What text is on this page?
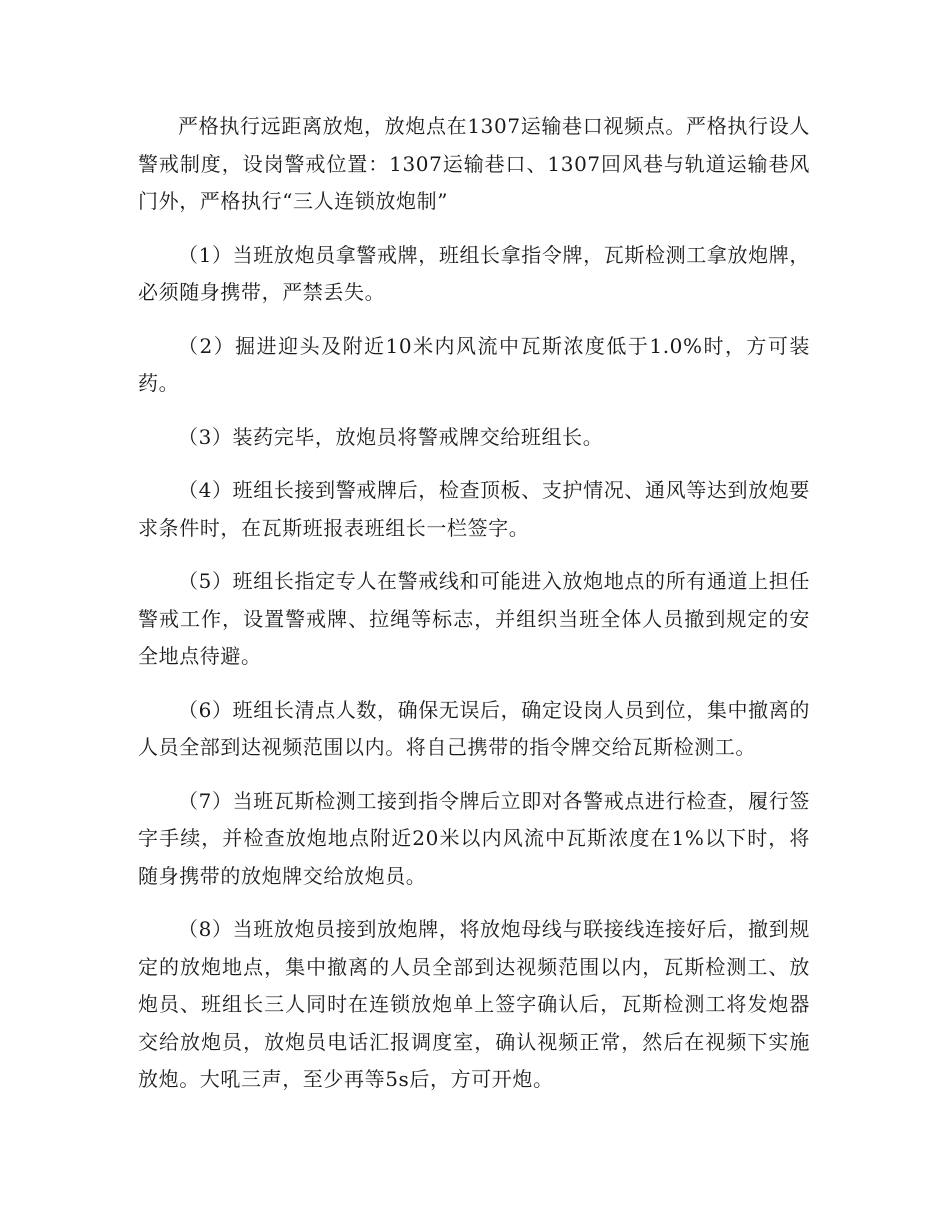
严格执行远距离放炮，放炮点在1307运输巷口视频点。严格执行设人警戒制度，设岗警戒位置：1307运输巷口、1307回风巷与轨道运输巷风门外，严格执行“三人连锁放炮制”

（1）当班放炮员拿警戒牌，班组长拿指令牌，瓦斯检测工拿放炮牌，必须随身携带，严禁丢失。

（2）掘进迎头及附近10米内风流中瓦斯浓度低于1.0%时，方可装药。

（3）装药完毕，放炮员将警戒牌交给班组长。

（4）班组长接到警戒牌后，检查顶板、支护情况、通风等达到放炮要求条件时，在瓦斯班报表班组长一栏签字。

（5）班组长指定专人在警戒线和可能进入放炮地点的所有通道上担任警戒工作，设置警戒牌、拉绳等标志，并组织当班全体人员撤到规定的安全地点待避。

（6）班组长清点人数，确保无误后，确定设岗人员到位，集中撤离的人员全部到达视频范围以内。将自己携带的指令牌交给瓦斯检测工。

（7）当班瓦斯检测工接到指令牌后立即对各警戒点进行检查，履行签字手续，并检查放炮地点附近20米以内风流中瓦斯浓度在1%以下时，将随身携带的放炮牌交给放炮员。

（8）当班放炮员接到放炮牌，将放炮母线与联接线连接好后，撤到规定的放炮地点，集中撤离的人员全部到达视频范围以内，瓦斯检测工、放炮员、班组长三人同时在连锁放炮单上签字确认后，瓦斯检测工将发炮器交给放炮员，放炮员电话汇报调度室，确认视频正常，然后在视频下实施放炮。大吼三声，至少再等5s后，方可开炮。
